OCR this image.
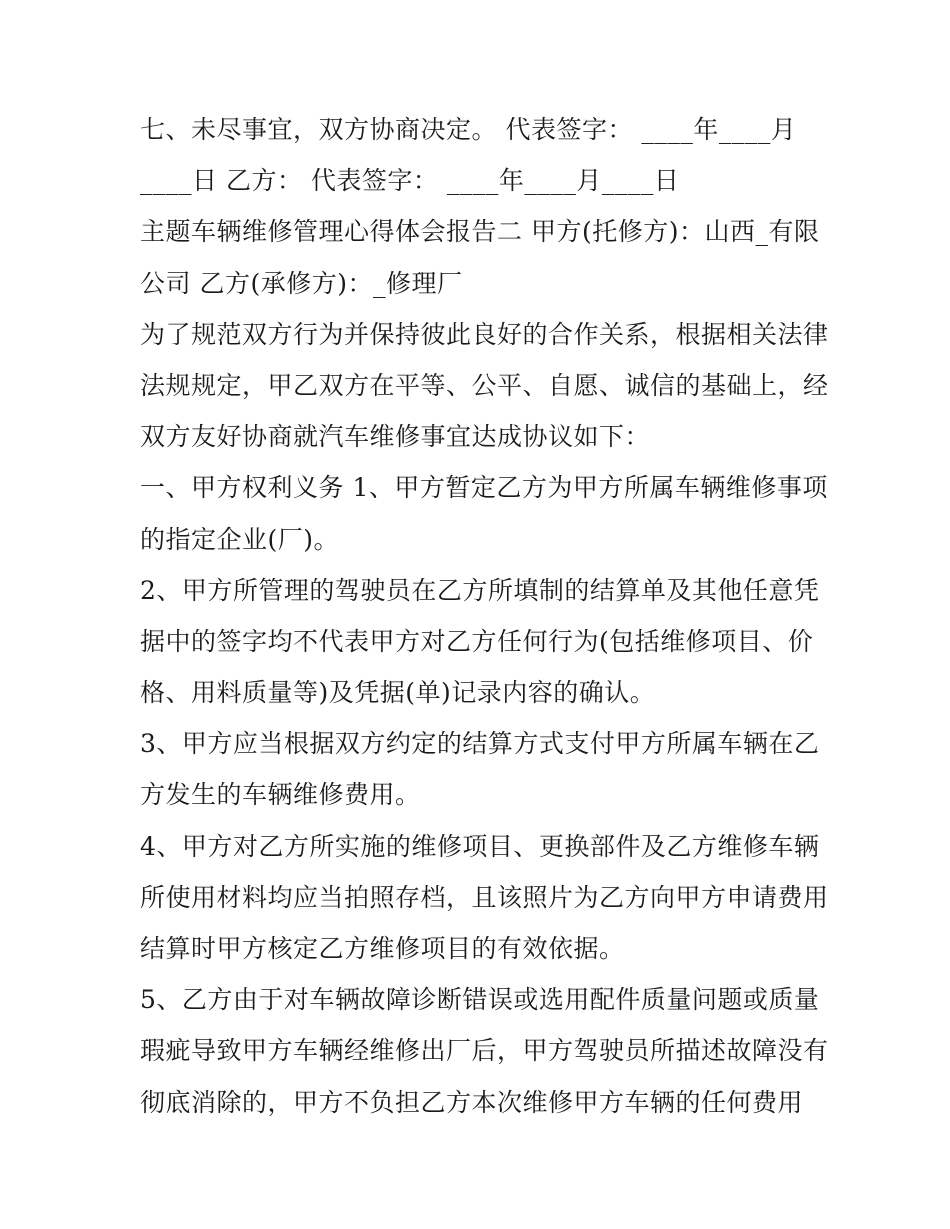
七、未尽事宜，双方协商决定。 代表签字： ____年____月
____日 乙方： 代表签字： ____年____月____日
主题车辆维修管理心得体会报告二 甲方(托修方)：山西_有限
公司 乙方(承修方)：_修理厂
为了规范双方行为并保持彼此良好的合作关系，根据相关法律
法规规定，甲乙双方在平等、公平、自愿、诚信的基础上，经
双方友好协商就汽车维修事宜达成协议如下：
一、甲方权利义务 1、甲方暂定乙方为甲方所属车辆维修事项
的指定企业(厂)。
2、甲方所管理的驾驶员在乙方所填制的结算单及其他任意凭
据中的签字均不代表甲方对乙方任何行为(包括维修项目、价
格、用料质量等)及凭据(单)记录内容的确认。
3、甲方应当根据双方约定的结算方式支付甲方所属车辆在乙
方发生的车辆维修费用。
4、甲方对乙方所实施的维修项目、更换部件及乙方维修车辆
所使用材料均应当拍照存档，且该照片为乙方向甲方申请费用
结算时甲方核定乙方维修项目的有效依据。
5、乙方由于对车辆故障诊断错误或选用配件质量问题或质量
瑕疵导致甲方车辆经维修出厂后，甲方驾驶员所描述故障没有
彻底消除的，甲方不负担乙方本次维修甲方车辆的任何费用
